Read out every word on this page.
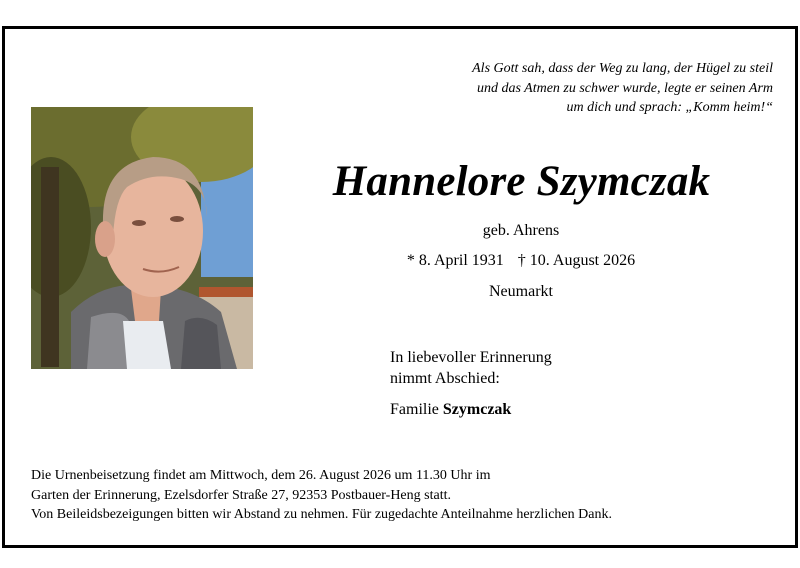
Als Gott sah, dass der Weg zu lang, der Hügel zu steil
und das Atmen zu schwer wurde, legte er seinen Arm
um dich und sprach: „Komm heim!“
Hannelore Szymczak
geb. Ahrens
* 8. April 1931 † 10. August 2026
Neumarkt
In liebevoller Erinnerung
nimmt Abschied:
Familie Szymczak
Die Urnenbeisetzung findet am Mittwoch, dem 26. August 2026 um 11.30 Uhr im
Garten der Erinnerung, Ezelsdorfer Straße 27, 92353 Postbauer-Heng statt.
Von Beileidsbezeigungen bitten wir Abstand zu nehmen. Für zugedachte Anteilnahme herzlichen Dank.
